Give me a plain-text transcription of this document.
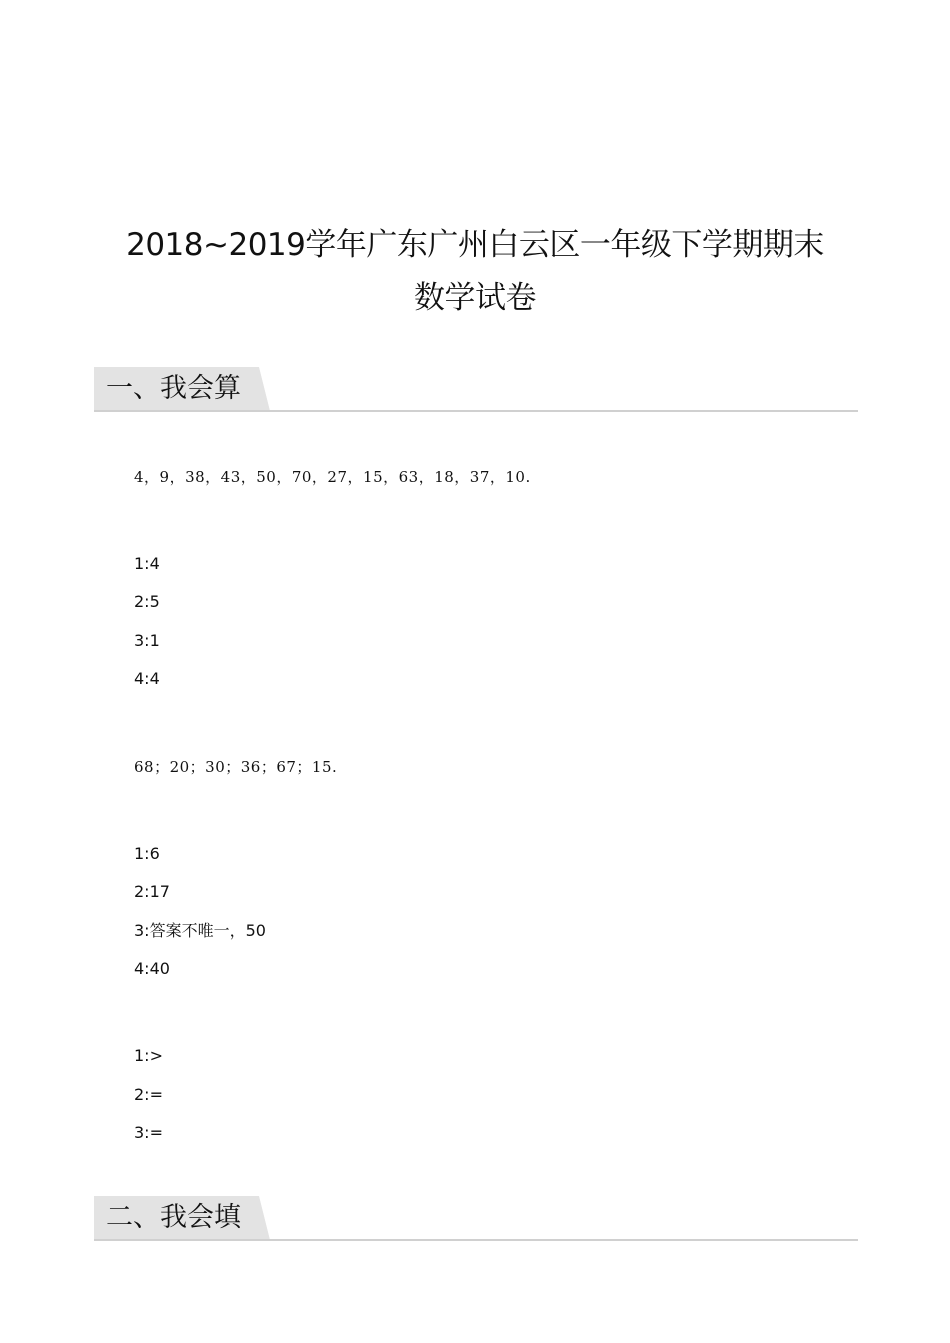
2018~2019学年广东广州白云区一年级下学期期末
数学试卷
一、我会算
4，9，38，43，50，70，27，15，63，18，37，10.
1:4
2:5
3:1
4:4
68；20；30；36；67；15.
1:6
2:17
3:答案不唯一，50
4:40
1:>
2:=
3:=
二、我会填
